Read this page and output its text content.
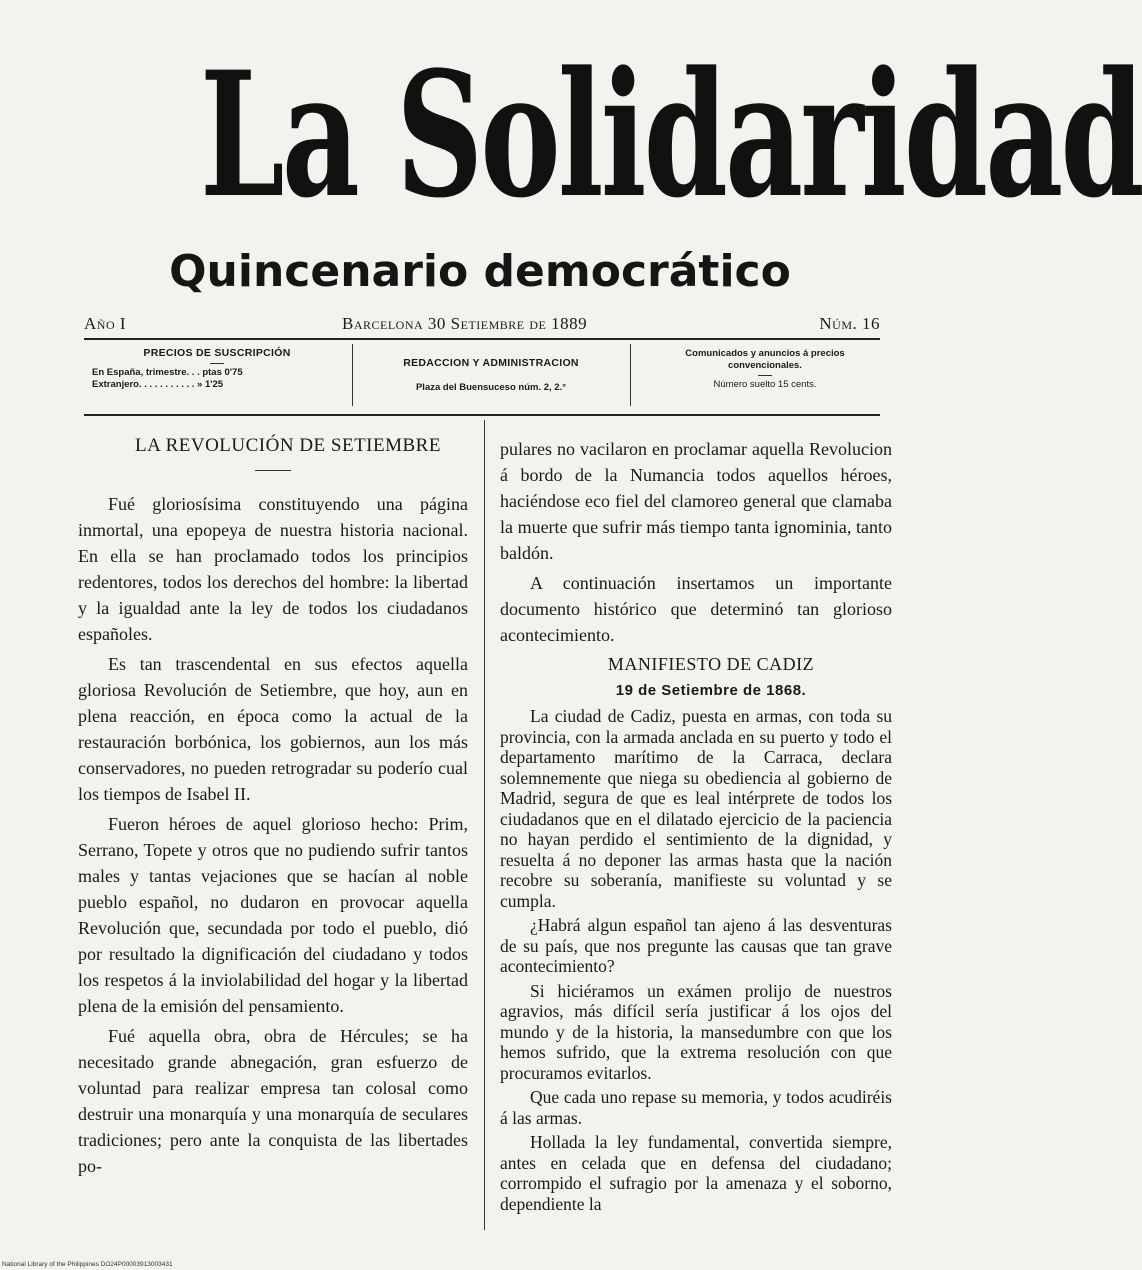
La Solidaridad
Quincenario democrático
Año I	Barcelona 30 Setiembre de 1889	Núm. 16
PRECIOS DE SUSCRIPCIÓN
En España, trimestre. . . ptas 0'75
Extranjero. . . . . . . . . . . » 1'25
REDACCION Y ADMINISTRACION
Plaza del Buensuceso núm. 2, 2.°
Comunicados y anuncios á precios convencionales.
Número suelto 15 cents.

LA REVOLUCIÓN DE SETIEMBRE

Fué gloriosísima constituyendo una página inmortal, una epopeya de nuestra historia nacional. En ella se han proclamado todos los principios redentores, todos los derechos del hombre: la libertad y la igualdad ante la ley de todos los ciudadanos españoles.

Es tan trascendental en sus efectos aquella gloriosa Revolución de Setiembre, que hoy, aun en plena reacción, en época como la actual de la restauración borbónica, los gobiernos, aun los más conservadores, no pueden retrogradar su poderío cual los tiempos de Isabel II.

Fueron héroes de aquel glorioso hecho: Prim, Serrano, Topete y otros que no pudiendo sufrir tantos males y tantas vejaciones que se hacían al noble pueblo español, no dudaron en provocar aquella Revolución que, secundada por todo el pueblo, dió por resultado la dignificación del ciudadano y todos los respetos á la inviolabilidad del hogar y la libertad plena de la emisión del pensamiento.

Fué aquella obra, obra de Hércules; se ha necesitado grande abnegación, gran esfuerzo de voluntad para realizar empresa tan colosal como destruir una monarquía y una monarquía de seculares tradiciones; pero ante la conquista de las libertades po-

pulares no vacilaron en proclamar aquella Revolucion á bordo de la Numancia todos aquellos héroes, haciéndose eco fiel del clamoreo general que clamaba la muerte que sufrir más tiempo tanta ignominia, tanto baldón.

A continuación insertamos un importante documento histórico que determinó tan glorioso acontecimiento.

MANIFIESTO DE CADIZ

19 de Setiembre de 1868.

La ciudad de Cadiz, puesta en armas, con toda su provincia, con la armada anclada en su puerto y todo el departamento marítimo de la Carraca, declara solemnemente que niega su obediencia al gobierno de Madrid, segura de que es leal intérprete de todos los ciudadanos que en el dilatado ejercicio de la paciencia no hayan perdido el sentimiento de la dignidad, y resuelta á no deponer las armas hasta que la nación recobre su soberanía, manifieste su voluntad y se cumpla.

¿Habrá algun español tan ajeno á las desventuras de su país, que nos pregunte las causas que tan grave acontecimiento?

Si hiciéramos un exámen prolijo de nuestros agravios, más difícil sería justificar á los ojos del mundo y de la historia, la mansedumbre con que los hemos sufrido, que la extrema resolución con que procuramos evitarlos.

Que cada uno repase su memoria, y todos acudiréis á las armas.

Hollada la ley fundamental, convertida siempre, antes en celada que en defensa del ciudadano; corrompido el sufragio por la amenaza y el soborno, dependiente la

National Library of the Philippines DO24P00003913003431
